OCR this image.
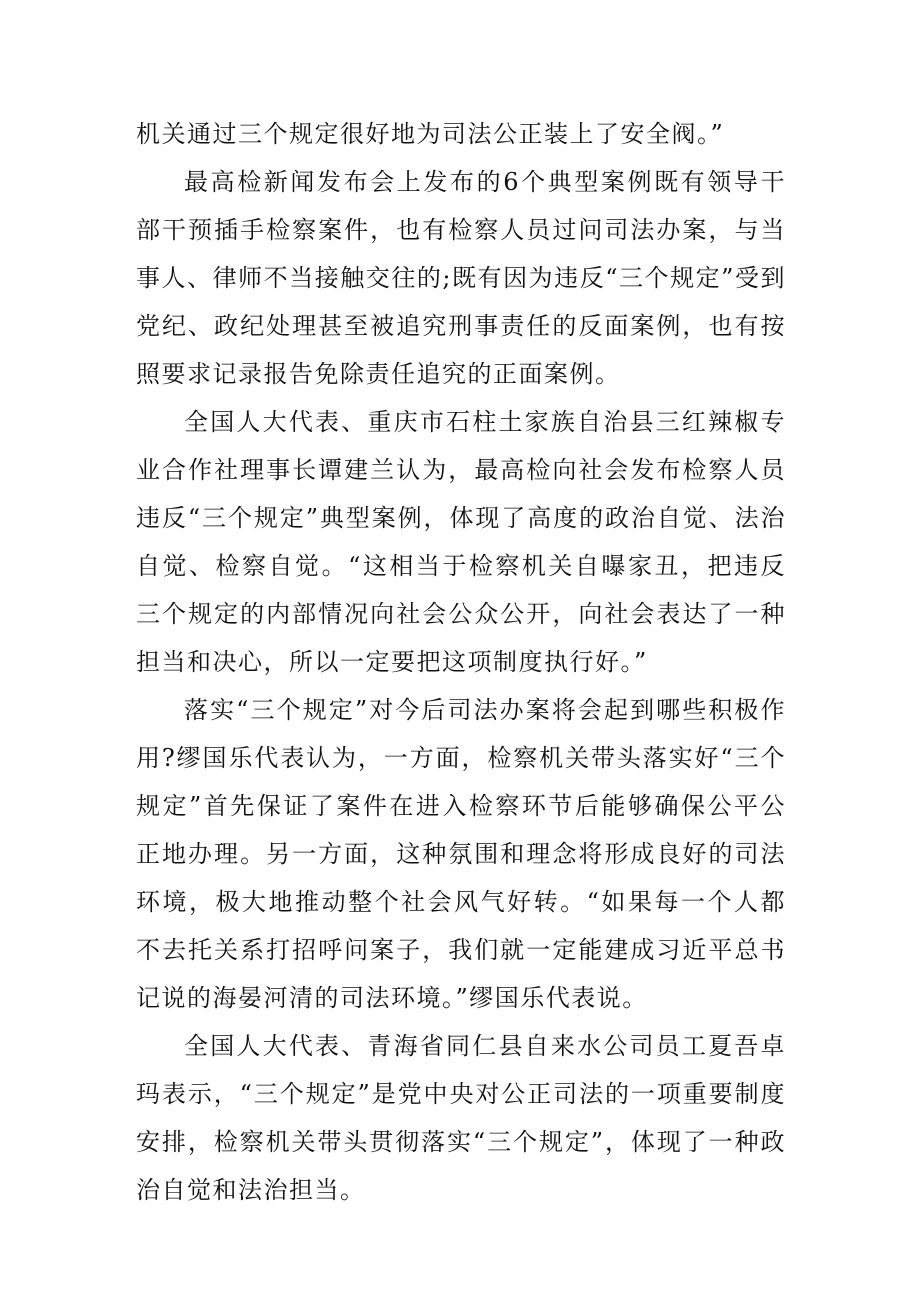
机关通过三个规定很好地为司法公正装上了安全阀。”

最高检新闻发布会上发布的6个典型案例既有领导干部干预插手检察案件，也有检察人员过问司法办案，与当事人、律师不当接触交往的;既有因为违反“三个规定”受到党纪、政纪处理甚至被追究刑事责任的反面案例，也有按照要求记录报告免除责任追究的正面案例。

全国人大代表、重庆市石柱土家族自治县三红辣椒专业合作社理事长谭建兰认为，最高检向社会发布检察人员违反“三个规定”典型案例，体现了高度的政治自觉、法治自觉、检察自觉。“这相当于检察机关自曝家丑，把违反三个规定的内部情况向社会公众公开，向社会表达了一种担当和决心，所以一定要把这项制度执行好。”

落实“三个规定”对今后司法办案将会起到哪些积极作用?缪国乐代表认为，一方面，检察机关带头落实好“三个规定”首先保证了案件在进入检察环节后能够确保公平公正地办理。另一方面，这种氛围和理念将形成良好的司法环境，极大地推动整个社会风气好转。“如果每一个人都不去托关系打招呼问案子，我们就一定能建成习近平总书记说的海晏河清的司法环境。”缪国乐代表说。

全国人大代表、青海省同仁县自来水公司员工夏吾卓玛表示，“三个规定”是党中央对公正司法的一项重要制度安排，检察机关带头贯彻落实“三个规定”，体现了一种政治自觉和法治担当。
